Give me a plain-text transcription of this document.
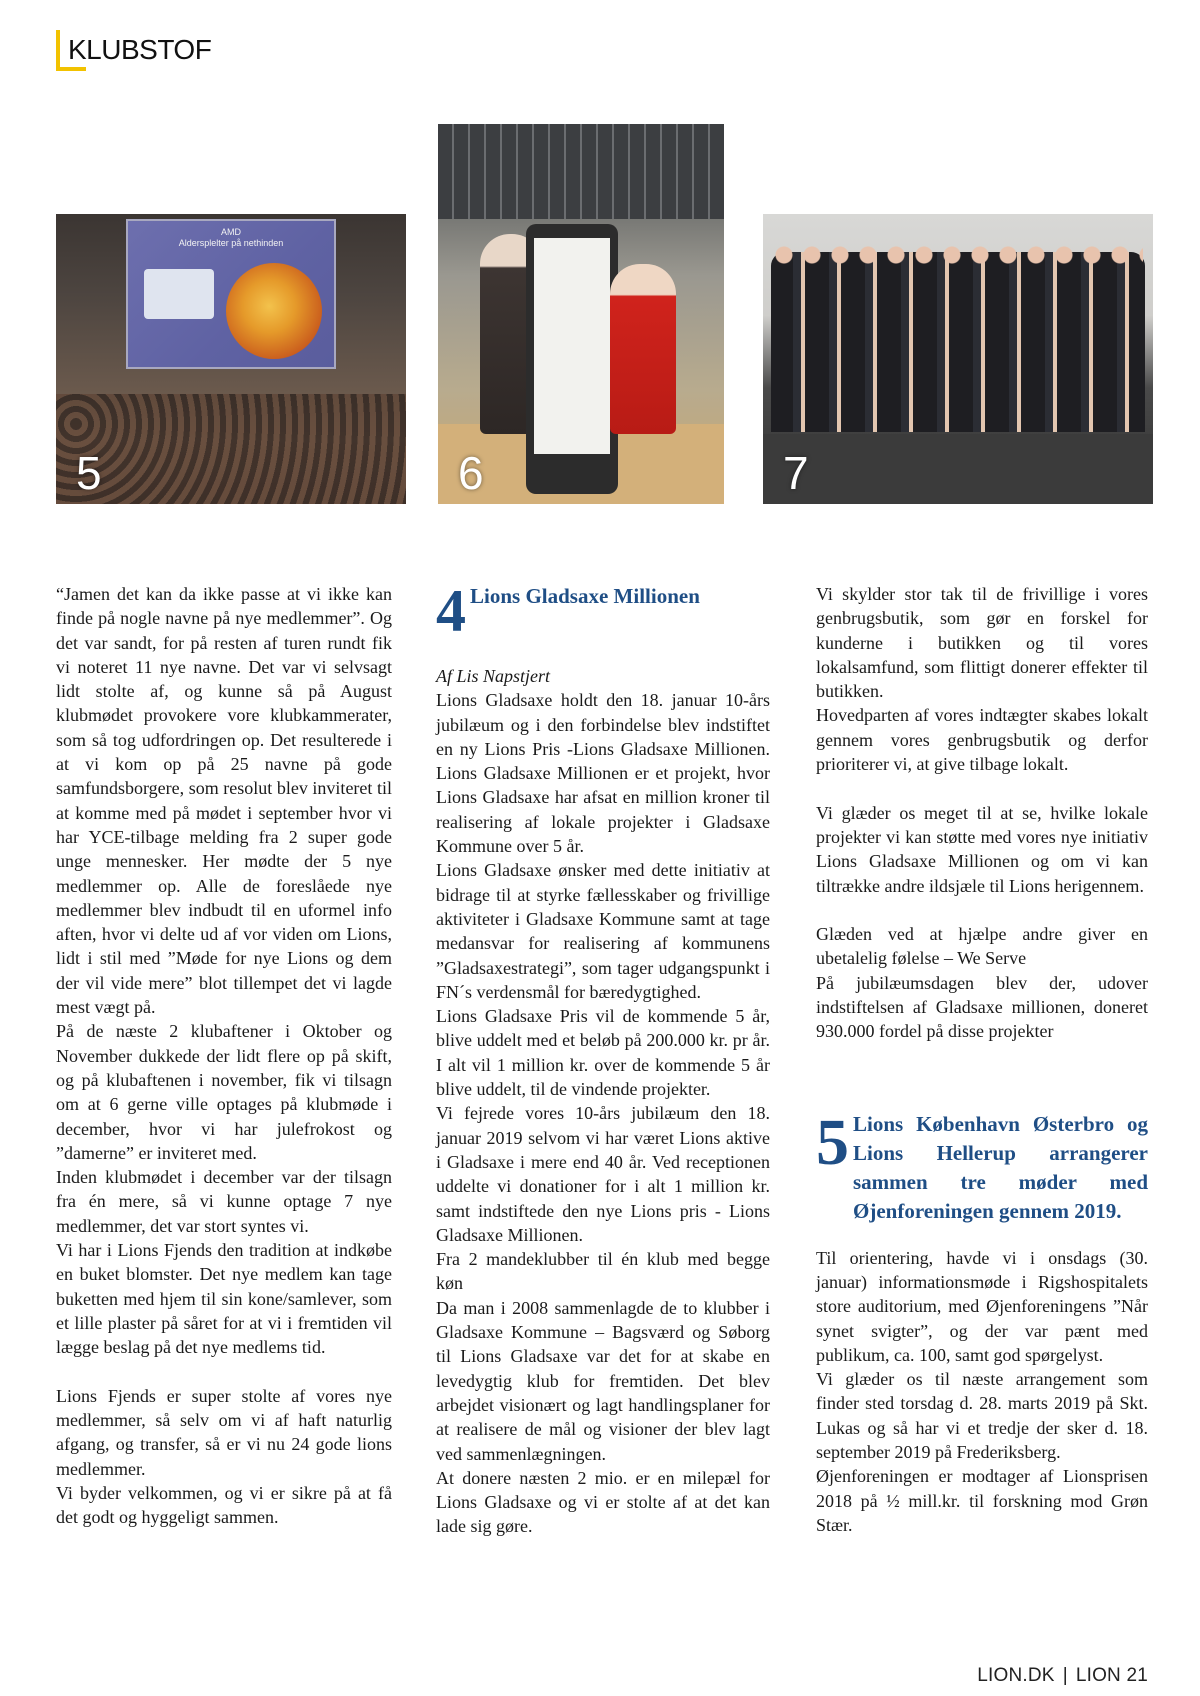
KLUBSTOF
AMD
Aldersplelter på nethinden
5	6	7

“Jamen det kan da ikke passe at vi ikke kan finde på nogle navne på nye medlemmer”. Og det var sandt, for på resten af turen rundt fik vi noteret 11 nye navne. Det var vi selvsagt lidt stolte af, og kunne så på August klubmødet provokere vore klubkammerater, som så tog udfordringen op. Det resulterede i at vi kom op på 25 navne på gode samfundsborgere, som resolut blev inviteret til at komme med på mødet i september hvor vi har YCE-tilbage melding fra 2 super gode unge mennesker. Her mødte der 5 nye medlemmer op. Alle de foreslåede nye medlemmer blev indbudt til en uformel info aften, hvor vi delte ud af vor viden om Lions, lidt i stil med ”Møde for nye Lions og dem der vil vide mere” blot tillempet det vi lagde mest vægt på.

På de næste 2 klubaftener i Oktober og November dukkede der lidt flere op på skift, og på klubaftenen i november, fik vi tilsagn om at 6 gerne ville optages på klubmøde i december, hvor vi har julefrokost og ”damerne” er inviteret med.

Inden klubmødet i december var der tilsagn fra én mere, så vi kunne optage 7 nye medlemmer, det var stort syntes vi.

Vi har i Lions Fjends den tradition at indkøbe en buket blomster. Det nye medlem kan tage buketten med hjem til sin kone/samlever, som et lille plaster på såret for at vi i fremtiden vil lægge beslag på det nye medlems tid.

Lions Fjends er super stolte af vores nye medlemmer, så selv om vi af haft naturlig afgang, og transfer, så er vi nu 24 gode lions medlemmer.

Vi byder velkommen, og vi er sikre på at få det godt og hyggeligt sammen.

4 Lions Gladsaxe Millionen

Af Lis Napstjert

Lions Gladsaxe holdt den 18. januar 10-års jubilæum og i den forbindelse blev indstiftet en ny Lions Pris -Lions Gladsaxe Millionen. Lions Gladsaxe Millionen er et projekt, hvor Lions Gladsaxe har afsat en million kroner til realisering af lokale projekter i Gladsaxe Kommune over 5 år.

Lions Gladsaxe ønsker med dette initiativ at bidrage til at styrke fællesskaber og frivillige aktiviteter i Gladsaxe Kommune samt at tage medansvar for realisering af kommunens ”Gladsaxestrategi”, som tager udgangspunkt i FN´s verdensmål for bæredygtighed.

Lions Gladsaxe Pris vil de kommende 5 år, blive uddelt med et beløb på 200.000 kr. pr år. I alt vil 1 million kr. over de kommende 5 år blive uddelt, til de vindende projekter.

Vi fejrede vores 10-års jubilæum den 18. januar 2019 selvom vi har været Lions aktive i Gladsaxe i mere end 40 år. Ved receptionen uddelte vi donationer for i alt 1 million kr. samt indstiftede den nye Lions pris - Lions Gladsaxe Millionen.

Fra 2 mandeklubber til én klub med begge køn

Da man i 2008 sammenlagde de to klubber i Gladsaxe Kommune – Bagsværd og Søborg til Lions Gladsaxe var det for at skabe en levedygtig klub for fremtiden. Det blev arbejdet visionært og lagt handlingsplaner for at realisere de mål og visioner der blev lagt ved sammenlægningen.

At donere næsten 2 mio. er en milepæl for Lions Gladsaxe og vi er stolte af at det kan lade sig gøre.

Vi skylder stor tak til de frivillige i vores genbrugsbutik, som gør en forskel for kunderne i butikken og til vores lokalsamfund, som flittigt donerer effekter til butikken.

Hovedparten af vores indtægter skabes lokalt gennem vores genbrugsbutik og derfor prioriterer vi, at give tilbage lokalt.

Vi glæder os meget til at se, hvilke lokale projekter vi kan støtte med vores nye initiativ Lions Gladsaxe Millionen og om vi kan tiltrække andre ildsjæle til Lions herigennem.

Glæden ved at hjælpe andre giver en ubetalelig følelse – We Serve

På jubilæumsdagen blev der, udover indstiftelsen af Gladsaxe millionen, doneret 930.000 fordel på disse projekter

5 Lions København Østerbro og Lions Hellerup arrangerer sammen tre møder med Øjenforeningen gennem 2019.

Til orientering, havde vi i onsdags (30. januar) informationsmøde i Rigshospitalets store auditorium, med Øjenforeningens ”Når synet svigter”, og der var pænt med publikum, ca. 100, samt god spørgelyst.

Vi glæder os til næste arrangement som finder sted torsdag d. 28. marts 2019 på Skt. Lukas og så har vi et tredje der sker d. 18. september 2019 på Frederiksberg.

Øjenforeningen er modtager af Lionsprisen 2018 på ½ mill.kr. til forskning mod Grøn Stær.

LION.DK | LION 21
